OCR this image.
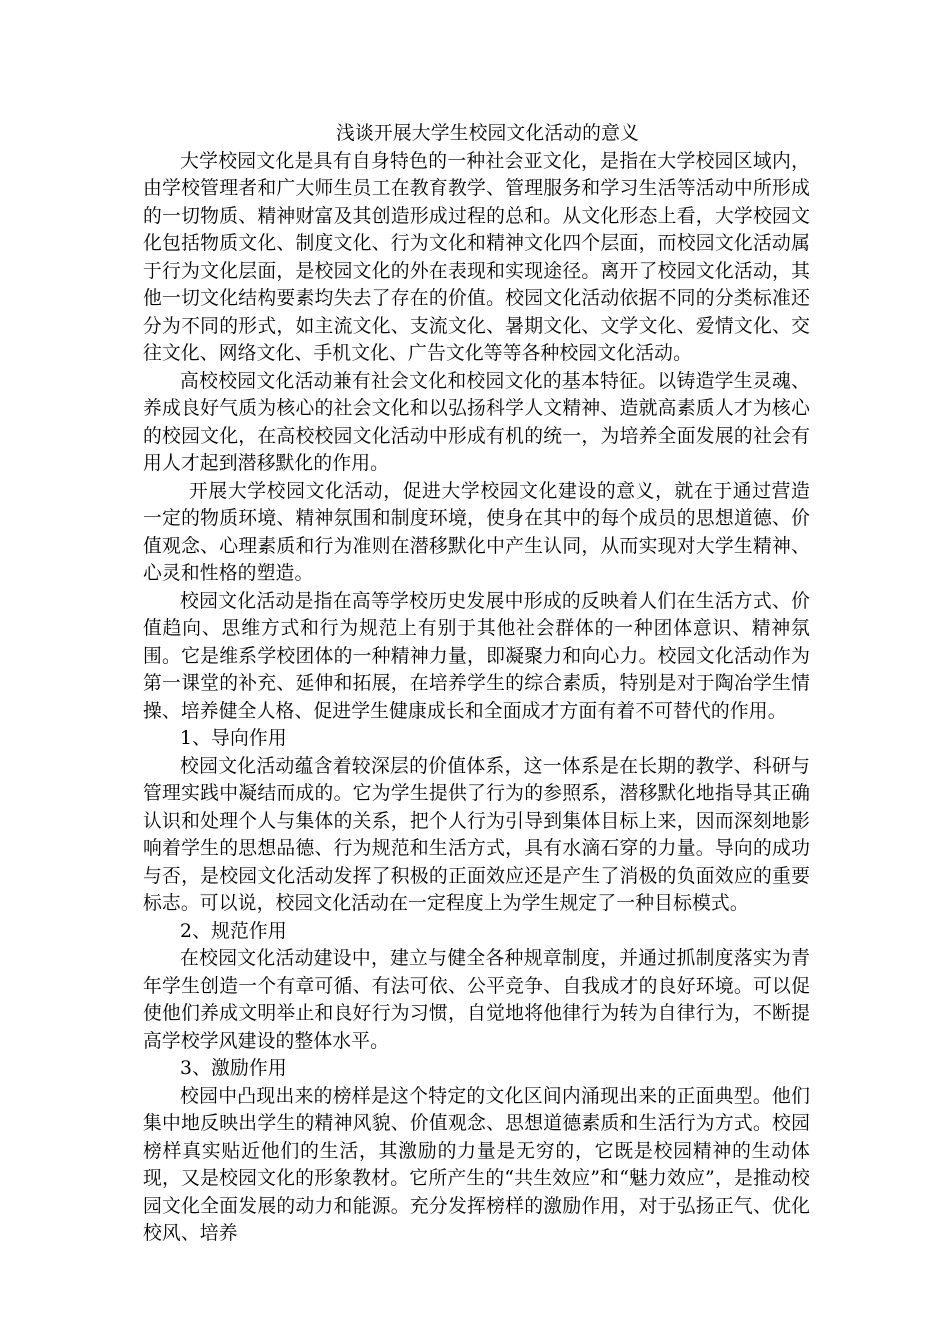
浅谈开展大学生校园文化活动的意义

大学校园文化是具有自身特色的一种社会亚文化，是指在大学校园区域内，由学校管理者和广大师生员工在教育教学、管理服务和学习生活等活动中所形成的一切物质、精神财富及其创造形成过程的总和。从文化形态上看，大学校园文化包括物质文化、制度文化、行为文化和精神文化四个层面，而校园文化活动属于行为文化层面，是校园文化的外在表现和实现途径。离开了校园文化活动，其他一切文化结构要素均失去了存在的价值。校园文化活动依据不同的分类标准还分为不同的形式，如主流文化、支流文化、暑期文化、文学文化、爱情文化、交往文化、网络文化、手机文化、广告文化等等各种校园文化活动。

高校校园文化活动兼有社会文化和校园文化的基本特征。以铸造学生灵魂、养成良好气质为核心的社会文化和以弘扬科学人文精神、造就高素质人才为核心的校园文化，在高校校园文化活动中形成有机的统一，为培养全面发展的社会有用人才起到潜移默化的作用。

开展大学校园文化活动，促进大学校园文化建设的意义，就在于通过营造一定的物质环境、精神氛围和制度环境，使身在其中的每个成员的思想道德、价值观念、心理素质和行为准则在潜移默化中产生认同，从而实现对大学生精神、心灵和性格的塑造。

校园文化活动是指在高等学校历史发展中形成的反映着人们在生活方式、价值趋向、思维方式和行为规范上有别于其他社会群体的一种团体意识、精神氛围。它是维系学校团体的一种精神力量，即凝聚力和向心力。校园文化活动作为第一课堂的补充、延伸和拓展，在培养学生的综合素质，特别是对于陶冶学生情操、培养健全人格、促进学生健康成长和全面成才方面有着不可替代的作用。

1、导向作用

校园文化活动蕴含着较深层的价值体系，这一体系是在长期的教学、科研与管理实践中凝结而成的。它为学生提供了行为的参照系，潜移默化地指导其正确认识和处理个人与集体的关系，把个人行为引导到集体目标上来，因而深刻地影响着学生的思想品德、行为规范和生活方式，具有水滴石穿的力量。导向的成功与否，是校园文化活动发挥了积极的正面效应还是产生了消极的负面效应的重要标志。可以说，校园文化活动在一定程度上为学生规定了一种目标模式。

2、规范作用

在校园文化活动建设中，建立与健全各种规章制度，并通过抓制度落实为青年学生创造一个有章可循、有法可依、公平竞争、自我成才的良好环境。可以促使他们养成文明举止和良好行为习惯，自觉地将他律行为转为自律行为，不断提高学校学风建设的整体水平。

3、激励作用

校园中凸现出来的榜样是这个特定的文化区间内涌现出来的正面典型。他们集中地反映出学生的精神风貌、价值观念、思想道德素质和生活行为方式。校园榜样真实贴近他们的生活，其激励的力量是无穷的，它既是校园精神的生动体现，又是校园文化的形象教材。它所产生的“共生效应”和“魅力效应”，是推动校园文化全面发展的动力和能源。充分发挥榜样的激励作用，对于弘扬正气、优化校风、培养
